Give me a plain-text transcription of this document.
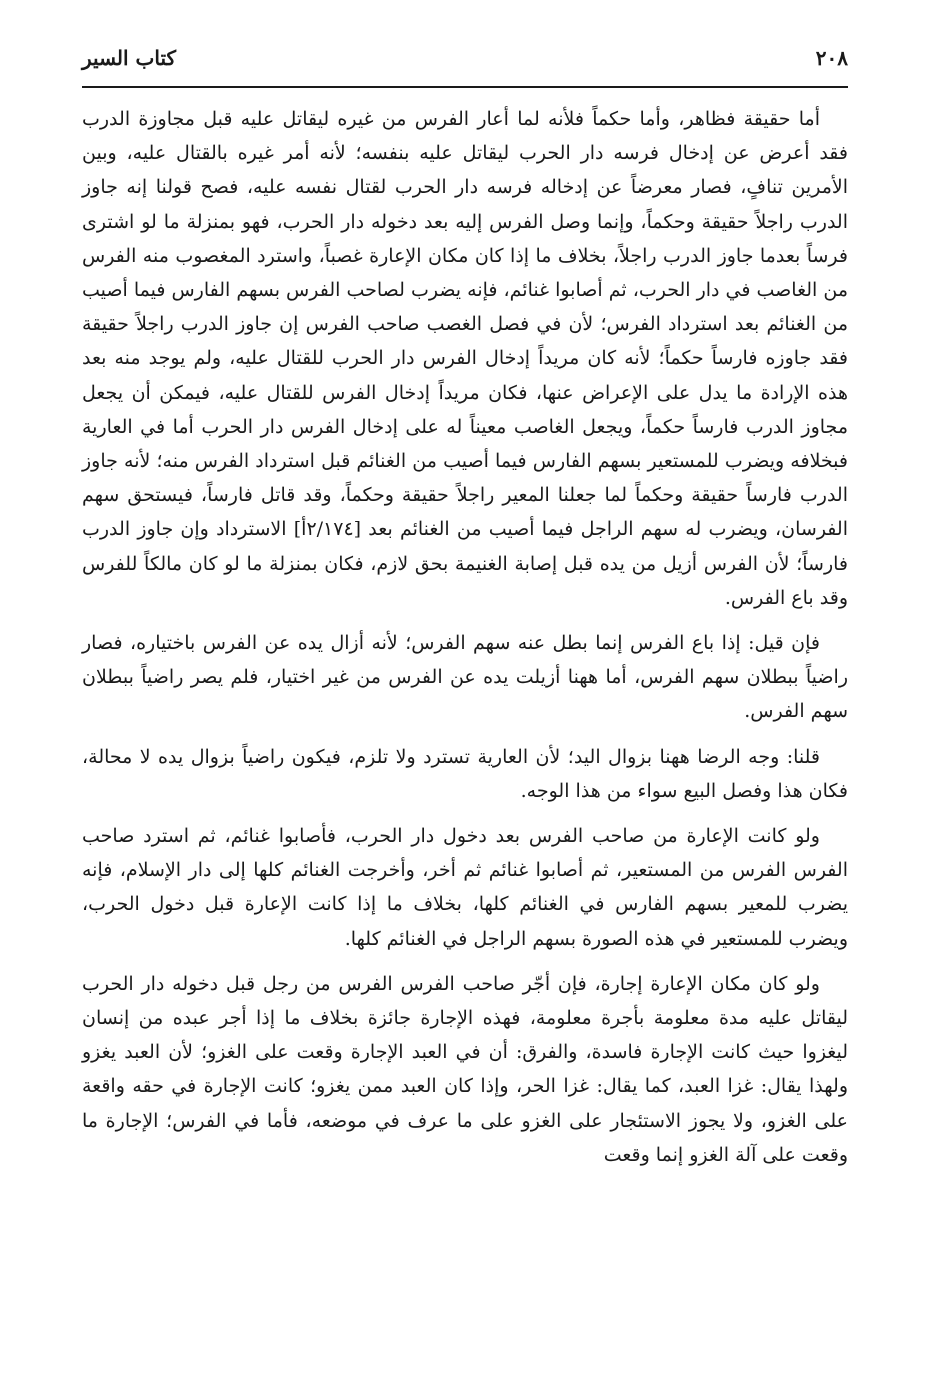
٢٠٨
كتاب السير

أما حقيقة فظاهر، وأما حكماً فلأنه لما أعار الفرس من غيره ليقاتل عليه قبل مجاوزة الدرب فقد أعرض عن إدخال فرسه دار الحرب ليقاتل عليه بنفسه؛ لأنه أمر غيره بالقتال عليه، وبين الأمرين تنافٍ، فصار معرضاً عن إدخاله فرسه دار الحرب لقتال نفسه عليه، فصح قولنا إنه جاوز الدرب راجلاً حقيقة وحكماً، وإنما وصل الفرس إليه بعد دخوله دار الحرب، فهو بمنزلة ما لو اشترى فرساً بعدما جاوز الدرب راجلاً، بخلاف ما إذا كان مكان الإعارة غصباً، واسترد المغصوب منه الفرس من الغاصب في دار الحرب، ثم أصابوا غنائم، فإنه يضرب لصاحب الفرس بسهم الفارس فيما أصيب من الغنائم بعد استرداد الفرس؛ لأن في فصل الغصب صاحب الفرس إن جاوز الدرب راجلاً حقيقة فقد جاوزه فارساً حكماً؛ لأنه كان مريداً إدخال الفرس دار الحرب للقتال عليه، ولم يوجد منه بعد هذه الإرادة ما يدل على الإعراض عنها، فكان مريداً إدخال الفرس للقتال عليه، فيمكن أن يجعل مجاوز الدرب فارساً حكماً، ويجعل الغاصب معيناً له على إدخال الفرس دار الحرب أما في العارية فبخلافه ويضرب للمستعير بسهم الفارس فيما أصيب من الغنائم قبل استرداد الفرس منه؛ لأنه جاوز الدرب فارساً حقيقة وحكماً لما جعلنا المعير راجلاً حقيقة وحكماً، وقد قاتل فارساً، فيستحق سهم الفرسان، ويضرب له سهم الراجل فيما أصيب من الغنائم بعد [٢/١٧٤أ] الاسترداد وإن جاوز الدرب فارساً؛ لأن الفرس أزيل من يده قبل إصابة الغنيمة بحق لازم، فكان بمنزلة ما لو كان مالكاً للفرس وقد باع الفرس.

فإن قيل: إذا باع الفرس إنما بطل عنه سهم الفرس؛ لأنه أزال يده عن الفرس باختياره، فصار راضياً ببطلان سهم الفرس، أما ههنا أزيلت يده عن الفرس من غير اختيار، فلم يصر راضياً ببطلان سهم الفرس.

قلنا: وجه الرضا ههنا بزوال اليد؛ لأن العارية تسترد ولا تلزم، فيكون راضياً بزوال يده لا محالة، فكان هذا وفصل البيع سواء من هذا الوجه.

ولو كانت الإعارة من صاحب الفرس بعد دخول دار الحرب، فأصابوا غنائم، ثم استرد صاحب الفرس الفرس من المستعير، ثم أصابوا غنائم ثم أخر، وأخرجت الغنائم كلها إلى دار الإسلام، فإنه يضرب للمعير بسهم الفارس في الغنائم كلها، بخلاف ما إذا كانت الإعارة قبل دخول الحرب، ويضرب للمستعير في هذه الصورة بسهم الراجل في الغنائم كلها.

ولو كان مكان الإعارة إجارة، فإن أجّر صاحب الفرس الفرس من رجل قبل دخوله دار الحرب ليقاتل عليه مدة معلومة بأجرة معلومة، فهذه الإجارة جائزة بخلاف ما إذا أجر عبده من إنسان ليغزوا حيث كانت الإجارة فاسدة، والفرق: أن في العبد الإجارة وقعت على الغزو؛ لأن العبد يغزو ولهذا يقال: غزا العبد، كما يقال: غزا الحر، وإذا كان العبد ممن يغزو؛ كانت الإجارة في حقه واقعة على الغزو، ولا يجوز الاستئجار على الغزو على ما عرف في موضعه، فأما في الفرس؛ الإجارة ما وقعت على آلة الغزو إنما وقعت
